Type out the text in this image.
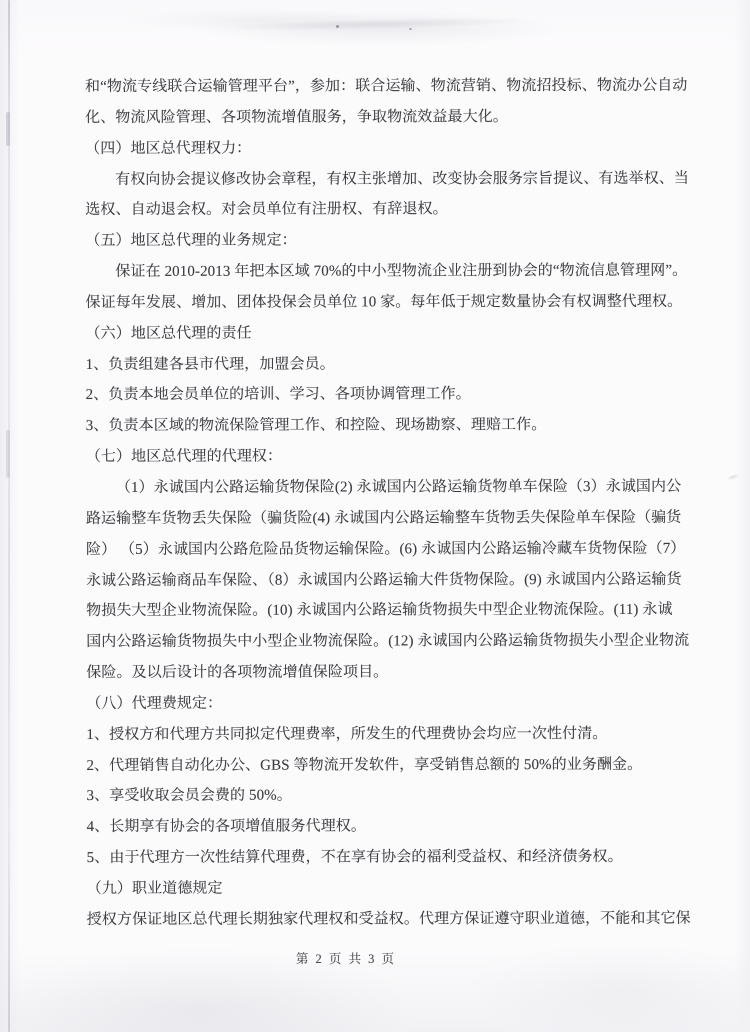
和“物流专线联合运输管理平台”，参加：联合运输、物流营销、物流招投标、物流办公自动
化、物流风险管理、各项物流增值服务，争取物流效益最大化。
（四）地区总代理权力：
有权向协会提议修改协会章程，有权主张增加、改变协会服务宗旨提议、有选举权、当
选权、自动退会权。对会员单位有注册权、有辞退权。
（五）地区总代理的业务规定：
保证在 2010-2013 年把本区域 70%的中小型物流企业注册到协会的“物流信息管理网”。
保证每年发展、增加、团体投保会员单位 10 家。每年低于规定数量协会有权调整代理权。
（六）地区总代理的责任
1、负责组建各县市代理，加盟会员。
2、负责本地会员单位的培训、学习、各项协调管理工作。
3、负责本区域的物流保险管理工作、和控险、现场勘察、理赔工作。
（七）地区总代理的代理权：
（1）永诚国内公路运输货物保险(2) 永诚国内公路运输货物单车保险（3）永诚国内公
路运输整车货物丢失保险（骗货险(4) 永诚国内公路运输整车货物丢失保险单车保险（骗货
险） （5）永诚国内公路危险品货物运输保险。(6) 永诚国内公路运输冷藏车货物保险（7）
永诚公路运输商品车保险、（8）永诚国内公路运输大件货物保险。(9) 永诚国内公路运输货
物损失大型企业物流保险。(10) 永诚国内公路运输货物损失中型企业物流保险。(11) 永诚
国内公路运输货物损失中小型企业物流保险。(12) 永诚国内公路运输货物损失小型企业物流
保险。及以后设计的各项物流增值保险项目。
（八）代理费规定：
1、授权方和代理方共同拟定代理费率，所发生的代理费协会均应一次性付清。
2、代理销售自动化办公、GBS 等物流开发软件，享受销售总额的 50%的业务酬金。
3、享受收取会员会费的 50%。
4、长期享有协会的各项增值服务代理权。
5、由于代理方一次性结算代理费，不在享有协会的福利受益权、和经济债务权。
（九）职业道德规定
授权方保证地区总代理长期独家代理权和受益权。代理方保证遵守职业道德，不能和其它保
第 2 页 共 3 页
